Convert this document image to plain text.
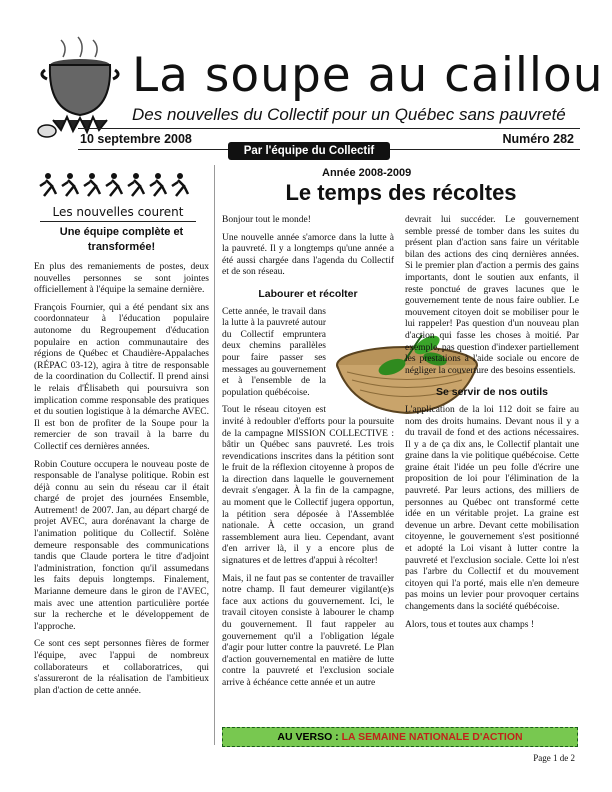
La soupe au caillou
Des nouvelles du Collectif pour un Québec sans pauvreté
10 septembre 2008	Numéro 282
Par l'équipe du Collectif
Les nouvelles courent
Une équipe complète et transformée!

En plus des remaniements de postes, deux nouvelles personnes se sont jointes officiellement à l'équipe la semaine dernière.

François Fournier, qui a été pendant six ans coordonnateur à l'éducation populaire autonome du Regroupement d'éducation populaire en action communautaire des régions de Québec et Chaudière-Appalaches (RÉPAC 03-12), agira à titre de responsable de la coordination du Collectif. Il prend ainsi le relais d'Élisabeth qui poursuivra son implication comme responsable des pratiques et du soutien logistique à la démarche AVEC. Il est bon de profiter de la Soupe pour la remercier de son travail à la barre du Collectif ces dernières années.

Robin Couture occupera le nouveau poste de responsable de l'analyse politique. Robin est déjà connu au sein du réseau car il était chargé de projet des journées Ensemble, Autrement! de 2007. Jan, au départ chargé de projet AVEC, aura dorénavant la charge de l'animation politique du Collectif. Solène demeure responsable des communications tandis que Claude portera le titre d'adjoint l'administration, fonction qu'il assumedans les faits depuis longtemps. Finalement, Marianne demeure dans le giron de l'AVEC, mais avec une attention particulière portée sur la recherche et le développement de l'approche.

Ce sont ces sept personnes fières de former l'équipe, avec l'appui de nombreux collaborateurs et collaboratrices, qui s'assureront de la réalisation de l'ambitieux plan d'action de cette année.

Année 2008-2009
Le temps des récoltes

Bonjour tout le monde!

Une nouvelle année s'amorce dans la lutte à la pauvreté. Il y a longtemps qu'une année a été aussi chargée dans l'agenda du Collectif et de son réseau.

Labourer et récolter

Cette année, le travail dans la lutte à la pauvreté autour du Collectif empruntera deux chemins parallèles pour faire passer ses messages au gouvernement et à l'ensemble de la population québécoise.

Tout le réseau citoyen est invité à redoubler d'efforts pour la poursuite de la campagne MISSION COLLECTIVE : bâtir un Québec sans pauvreté. Les trois revendications inscrites dans la pétition sont le fruit de la réflexion citoyenne à propos de la direction dans laquelle le gouvernement devrait s'engager. À la fin de la campagne, au moment que le Collectif jugera opportun, la pétition sera déposée à l'Assemblée nationale. À cette occasion, un grand rassemblement aura lieu. Cependant, avant d'en arriver là, il y a encore plus de signatures et de lettres d'appui à récolter!

Mais, il ne faut pas se contenter de travailler notre champ. Il faut demeurer vigilant(e)s face aux actions du gouvernement. Ici, le travail citoyen consiste à labourer le champ du gouvernement. Il faut rappeler au gouvernement qu'il a l'obligation légale d'agir pour lutter contre la pauvreté. Le Plan d'action gouvernemental en matière de lutte contre la pauvreté et l'exclusion sociale arrive à échéance cette année et un autre

devrait lui succéder. Le gouvernement semble pressé de tomber dans les suites du présent plan d'action sans faire un véritable bilan des actions des cinq dernières années. Si le premier plan d'action a permis des gains importants, dont le soutien aux enfants, il reste ponctué de graves lacunes que le gouvernement tente de nous faire oublier. Le mouvement citoyen doit se mobiliser pour le lui rappeler! Pas question d'un nouveau plan d'action qui fasse les choses à moitié. Par exemple, pas question d'indexer partiellement les prestations à l'aide sociale ou encore de négliger la couverture des besoins essentiels.

Se servir de nos outils

L'application de la loi 112 doit se faire au nom des droits humains. Devant nous il y a du travail de fond et des actions nécessaires. Il y a de ça dix ans, le Collectif plantait une graine dans la vie politique québécoise. Cette graine était l'idée un peu folle d'écrire une proposition de loi pour l'élimination de la pauvreté. Par leurs actions, des milliers de personnes au Québec ont transformé cette idée en un véritable projet. La graine est devenue un arbre. Devant cette mobilisation citoyenne, le gouvernement s'est positionné et adopté la Loi visant à lutter contre la pauvreté et l'exclusion sociale. Cette loi n'est pas l'arbre du Collectif et du mouvement citoyen qui l'a porté, mais elle n'en demeure pas moins un levier pour provoquer certains changements dans la société québécoise.

Alors, tous et toutes aux champs !

AU VERSO : LA SEMAINE NATIONALE D'ACTION
Page 1 de 2
